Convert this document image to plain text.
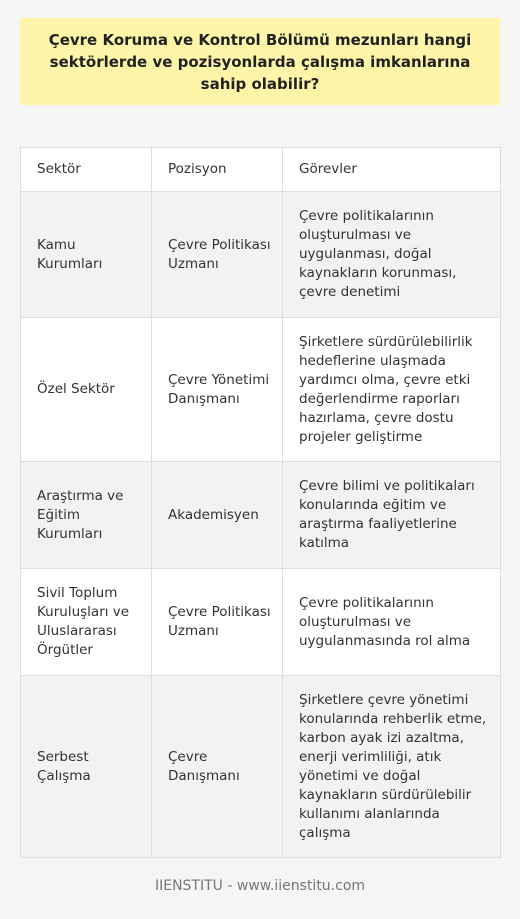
Çevre Koruma ve Kontrol Bölümü mezunları hangi sektörlerde ve pozisyonlarda çalışma imkanlarına sahip olabilir?
Sektör	Pozisyon	Görevler
Kamu Kurumları	Çevre Politikası Uzmanı	Çevre politikalarının oluşturulması ve uygulanması, doğal kaynakların korunması, çevre denetimi
Özel Sektör	Çevre Yönetimi Danışmanı	Şirketlere sürdürülebilirlik hedeflerine ulaşmada yardımcı olma, çevre etki değerlendirme raporları hazırlama, çevre dostu projeler geliştirme
Araştırma ve Eğitim Kurumları	Akademisyen	Çevre bilimi ve politikaları konularında eğitim ve araştırma faaliyetlerine katılma
Sivil Toplum Kuruluşları ve Uluslararası Örgütler	Çevre Politikası Uzmanı	Çevre politikalarının oluşturulması ve uygulanmasında rol alma
Serbest Çalışma	Çevre Danışmanı	Şirketlere çevre yönetimi konularında rehberlik etme, karbon ayak izi azaltma, enerji verimliliği, atık yönetimi ve doğal kaynakların sürdürülebilir kullanımı alanlarında çalışma
IIENSTITU - www.iienstitu.com
